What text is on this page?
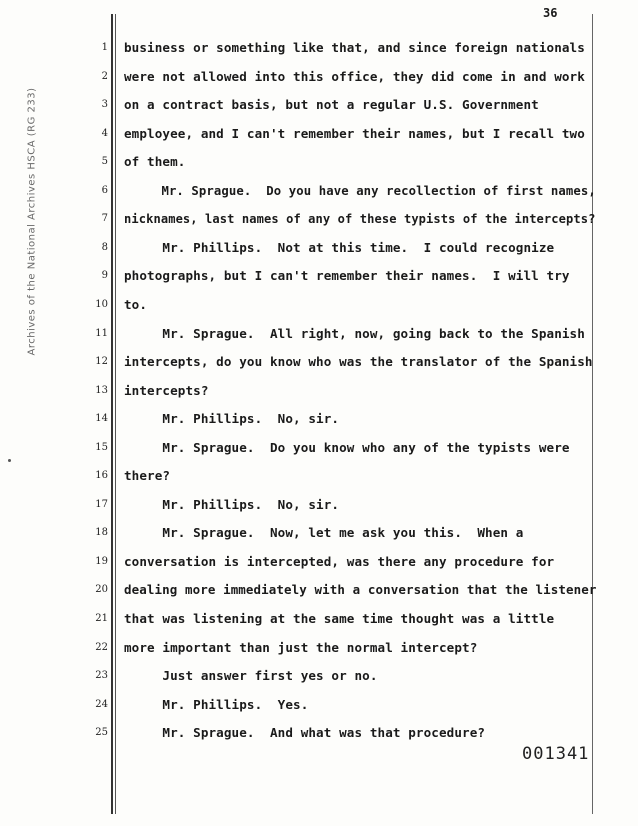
Archives of the National Archives HSCA (RG 233)
36
1 business or something like that, and since foreign nationals
2 were not allowed into this office, they did come in and work
3 on a contract basis, but not a regular U.S. Government
4 employee, and I can't remember their names, but I recall two
5 of them.
6 Mr. Sprague.  Do you have any recollection of first names,
7 nicknames, last names of any of these typists of the intercepts?
8 Mr. Phillips.  Not at this time.  I could recognize
9 photographs, but I can't remember their names.  I will try
10 to.
11 Mr. Sprague.  All right, now, going back to the Spanish
12 intercepts, do you know who was the translator of the Spanish
13 intercepts?
14 Mr. Phillips.  No, sir.
15 Mr. Sprague.  Do you know who any of the typists were
16 there?
17 Mr. Phillips.  No, sir.
18 Mr. Sprague.  Now, let me ask you this.  When a
19 conversation is intercepted, was there any procedure for
20 dealing more immediately with a conversation that the listener
21 that was listening at the same time thought was a little
22 more important than just the normal intercept?
23 Just answer first yes or no.
24 Mr. Phillips.  Yes.
25 Mr. Sprague.  And what was that procedure?
001341
